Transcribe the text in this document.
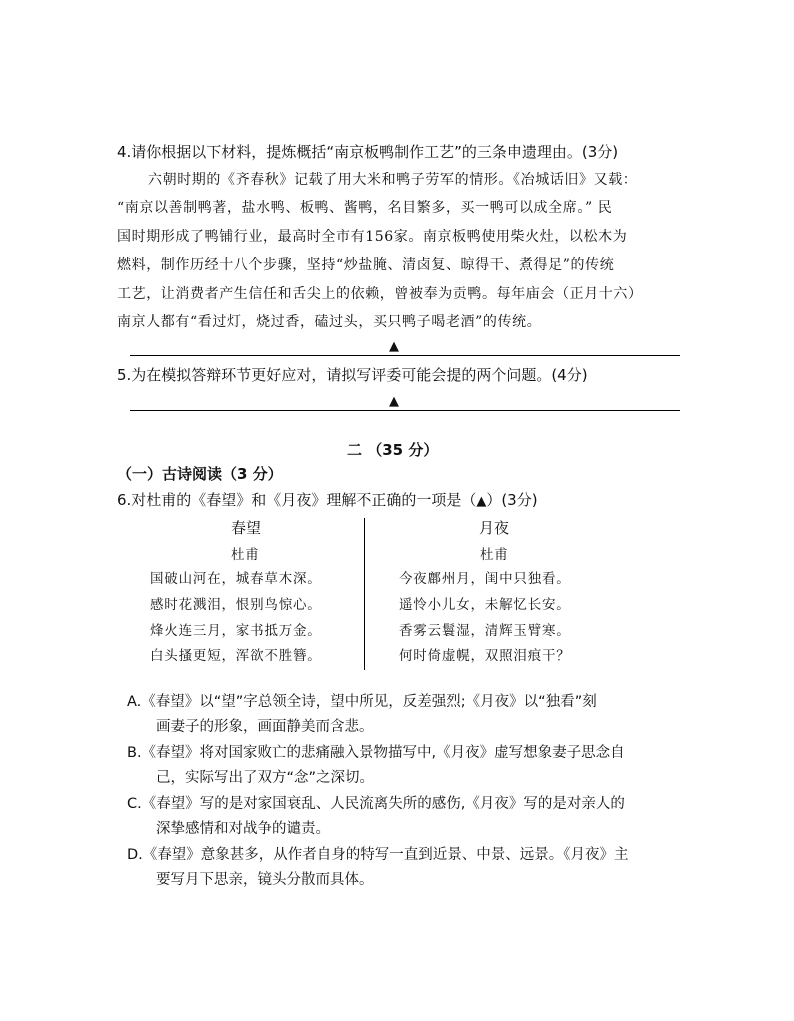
4.请你根据以下材料，提炼概括“南京板鸭制作工艺”的三条申遗理由。(3分)
六朝时期的《齐春秋》记载了用大米和鸭子劳军的情形。《冶城话旧》又载：
“南京以善制鸭著，盐水鸭、板鸭、酱鸭，名目繁多，买一鸭可以成全席。” 民
国时期形成了鸭铺行业，最高时全市有156家。南京板鸭使用柴火灶，以松木为
燃料，制作历经十八个步骤，坚持“炒盐腌、清卤复、晾得干、煮得足”的传统
工艺，让消费者产生信任和舌尖上的依赖，曾被奉为贡鸭。每年庙会（正月十六）
南京人都有“看过灯，烧过香，磕过头，买只鸭子喝老酒”的传统。
▲
5.为在模拟答辩环节更好应对，请拟写评委可能会提的两个问题。(4分)
▲
二 （35 分）
（一）古诗阅读（3 分）
6.对杜甫的《春望》和《月夜》理解不正确的一项是（▲）(3分)
春望
杜甫
国破山河在，城春草木深。
感时花溅泪，恨别鸟惊心。
烽火连三月，家书抵万金。
白头搔更短，浑欲不胜簪。
月夜
杜甫
今夜鄜州月，闺中只独看。
遥怜小儿女，未解忆长安。
香雾云鬟湿，清辉玉臂寒。
何时倚虚幌，双照泪痕干？
A.《春望》以“望”字总领全诗，望中所见，反差强烈;《月夜》以“独看”刻
画妻子的形象，画面静美而含悲。
B.《春望》将对国家败亡的悲痛融入景物描写中,《月夜》虚写想象妻子思念自
己，实际写出了双方“念”之深切。
C.《春望》写的是对家国衰乱、人民流离失所的感伤,《月夜》写的是对亲人的
深挚感情和对战争的谴责。
D.《春望》意象甚多，从作者自身的特写一直到近景、中景、远景。《月夜》主
要写月下思亲，镜头分散而具体。
